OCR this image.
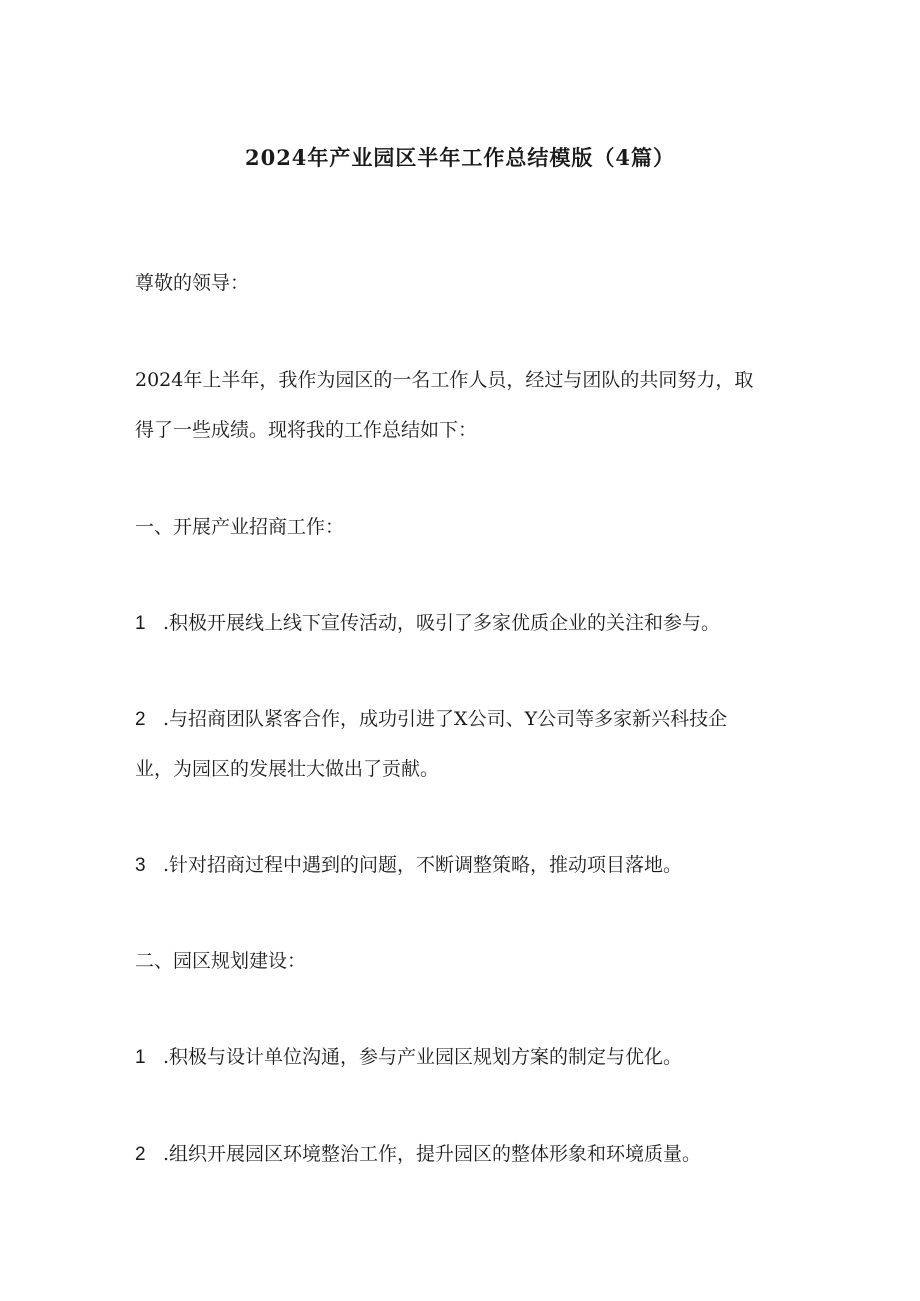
2024年产业园区半年工作总结模版（4篇）
尊敬的领导：
2024年上半年，我作为园区的一名工作人员，经过与团队的共同努力，取
得了一些成绩。现将我的工作总结如下：
一、开展产业招商工作：
1 .积极开展线上线下宣传活动，吸引了多家优质企业的关注和参与。
2 .与招商团队紧客合作，成功引进了X公司、Y公司等多家新兴科技企
业，为园区的发展壮大做出了贡献。
3 .针对招商过程中遇到的问题，不断调整策略，推动项目落地。
二、园区规划建设：
1 .积极与设计单位沟通，参与产业园区规划方案的制定与优化。
2 .组织开展园区环境整治工作，提升园区的整体形象和环境质量。
